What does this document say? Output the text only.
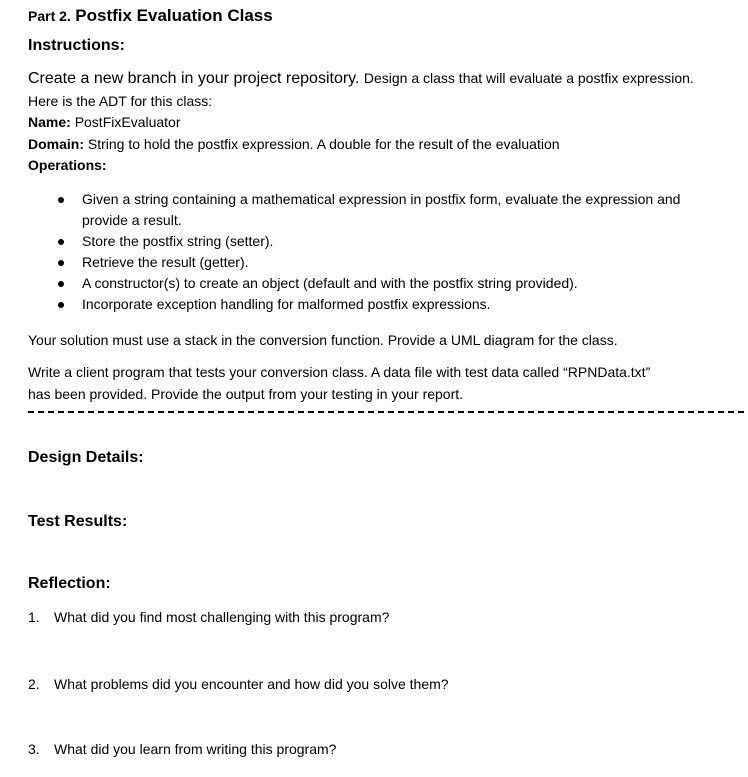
Part 2. Postfix Evaluation Class
Instructions:
Create a new branch in your project repository. Design a class that will evaluate a postfix expression.
Here is the ADT for this class:
Name: PostFixEvaluator
Domain: String to hold the postfix expression. A double for the result of the evaluation
Operations:
Given a string containing a mathematical expression in postfix form, evaluate the expression and
provide a result.
Store the postfix string (setter).
Retrieve the result (getter).
A constructor(s) to create an object (default and with the postfix string provided).
Incorporate exception handling for malformed postfix expressions.
Your solution must use a stack in the conversion function. Provide a UML diagram for the class.
Write a client program that tests your conversion class. A data file with test data called “RPNData.txt”
has been provided. Provide the output from your testing in your report.
Design Details:
Test Results:
Reflection:
1. What did you find most challenging with this program?
2. What problems did you encounter and how did you solve them?
3. What did you learn from writing this program?
